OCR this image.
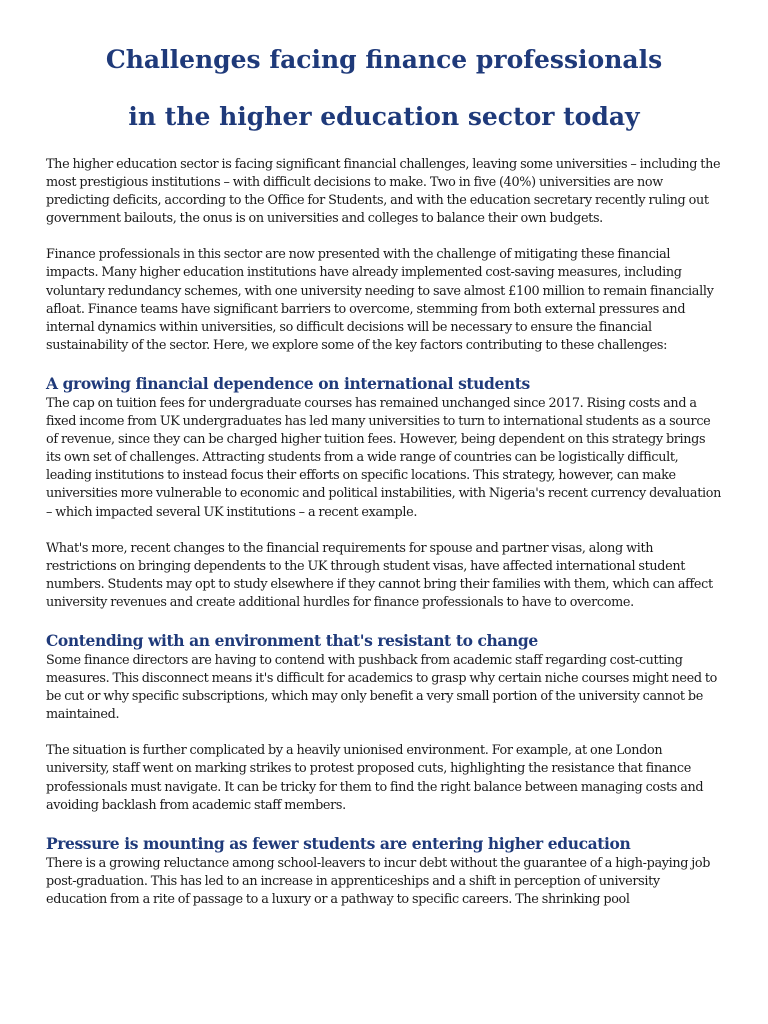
Challenges facing finance professionals
in the higher education sector today

The higher education sector is facing significant financial challenges, leaving some universities – including the most prestigious institutions – with difficult decisions to make. Two in five (40%) universities are now predicting deficits, according to the Office for Students, and with the education secretary recently ruling out government bailouts, the onus is on universities and colleges to balance their own budgets.

Finance professionals in this sector are now presented with the challenge of mitigating these financial impacts. Many higher education institutions have already implemented cost-saving measures, including voluntary redundancy schemes, with one university needing to save almost £100 million to remain financially afloat. Finance teams have significant barriers to overcome, stemming from both external pressures and internal dynamics within universities, so difficult decisions will be necessary to ensure the financial sustainability of the sector. Here, we explore some of the key factors contributing to these challenges:

A growing financial dependence on international students

The cap on tuition fees for undergraduate courses has remained unchanged since 2017. Rising costs and a fixed income from UK undergraduates has led many universities to turn to international students as a source of revenue, since they can be charged higher tuition fees. However, being dependent on this strategy brings its own set of challenges. Attracting students from a wide range of countries can be logistically difficult, leading institutions to instead focus their efforts on specific locations. This strategy, however, can make universities more vulnerable to economic and political instabilities, with Nigeria's recent currency devaluation – which impacted several UK institutions – a recent example.

What's more, recent changes to the financial requirements for spouse and partner visas, along with restrictions on bringing dependents to the UK through student visas, have affected international student numbers. Students may opt to study elsewhere if they cannot bring their families with them, which can affect university revenues and create additional hurdles for finance professionals to have to overcome.

Contending with an environment that's resistant to change

Some finance directors are having to contend with pushback from academic staff regarding cost-cutting measures. This disconnect means it's difficult for academics to grasp why certain niche courses might need to be cut or why specific subscriptions, which may only benefit a very small portion of the university cannot be maintained.

The situation is further complicated by a heavily unionised environment. For example, at one London university, staff went on marking strikes to protest proposed cuts, highlighting the resistance that finance professionals must navigate. It can be tricky for them to find the right balance between managing costs and avoiding backlash from academic staff members.

Pressure is mounting as fewer students are entering higher education

There is a growing reluctance among school-leavers to incur debt without the guarantee of a high-paying job post-graduation. This has led to an increase in apprenticeships and a shift in perception of university education from a rite of passage to a luxury or a pathway to specific careers. The shrinking pool
